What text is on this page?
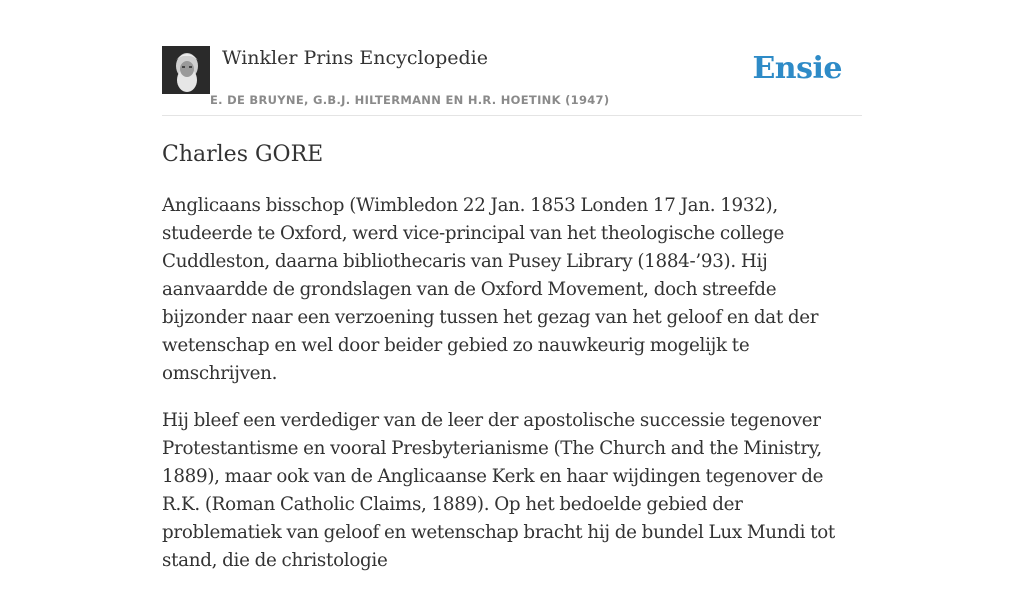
Winkler Prins Encyclopedie
E. DE BRUYNE, G.B.J. HILTERMANN EN H.R. HOETINK (1947)
Ensie
Charles GORE

Anglicaans bisschop (Wimbledon 22 Jan. 1853 Londen 17 Jan. 1932), studeerde te Oxford, werd vice-principal van het theologische college Cuddleston, daarna bibliothecaris van Pusey Library (1884-’93). Hij aanvaardde de grondslagen van de Oxford Movement, doch streefde bijzonder naar een verzoening tussen het gezag van het geloof en dat der wetenschap en wel door beider gebied zo nauwkeurig mogelijk te omschrijven.

Hij bleef een verdediger van de leer der apostolische successie tegenover Protestantisme en vooral Presbyterianisme (The Church and the Ministry, 1889), maar ook van de Anglicaanse Kerk en haar wijdingen tegenover de R.K. (Roman Catholic Claims, 1889). Op het bedoelde gebied der problematiek van geloof en wetenschap bracht hij de bundel Lux Mundi tot stand, die de christologie
